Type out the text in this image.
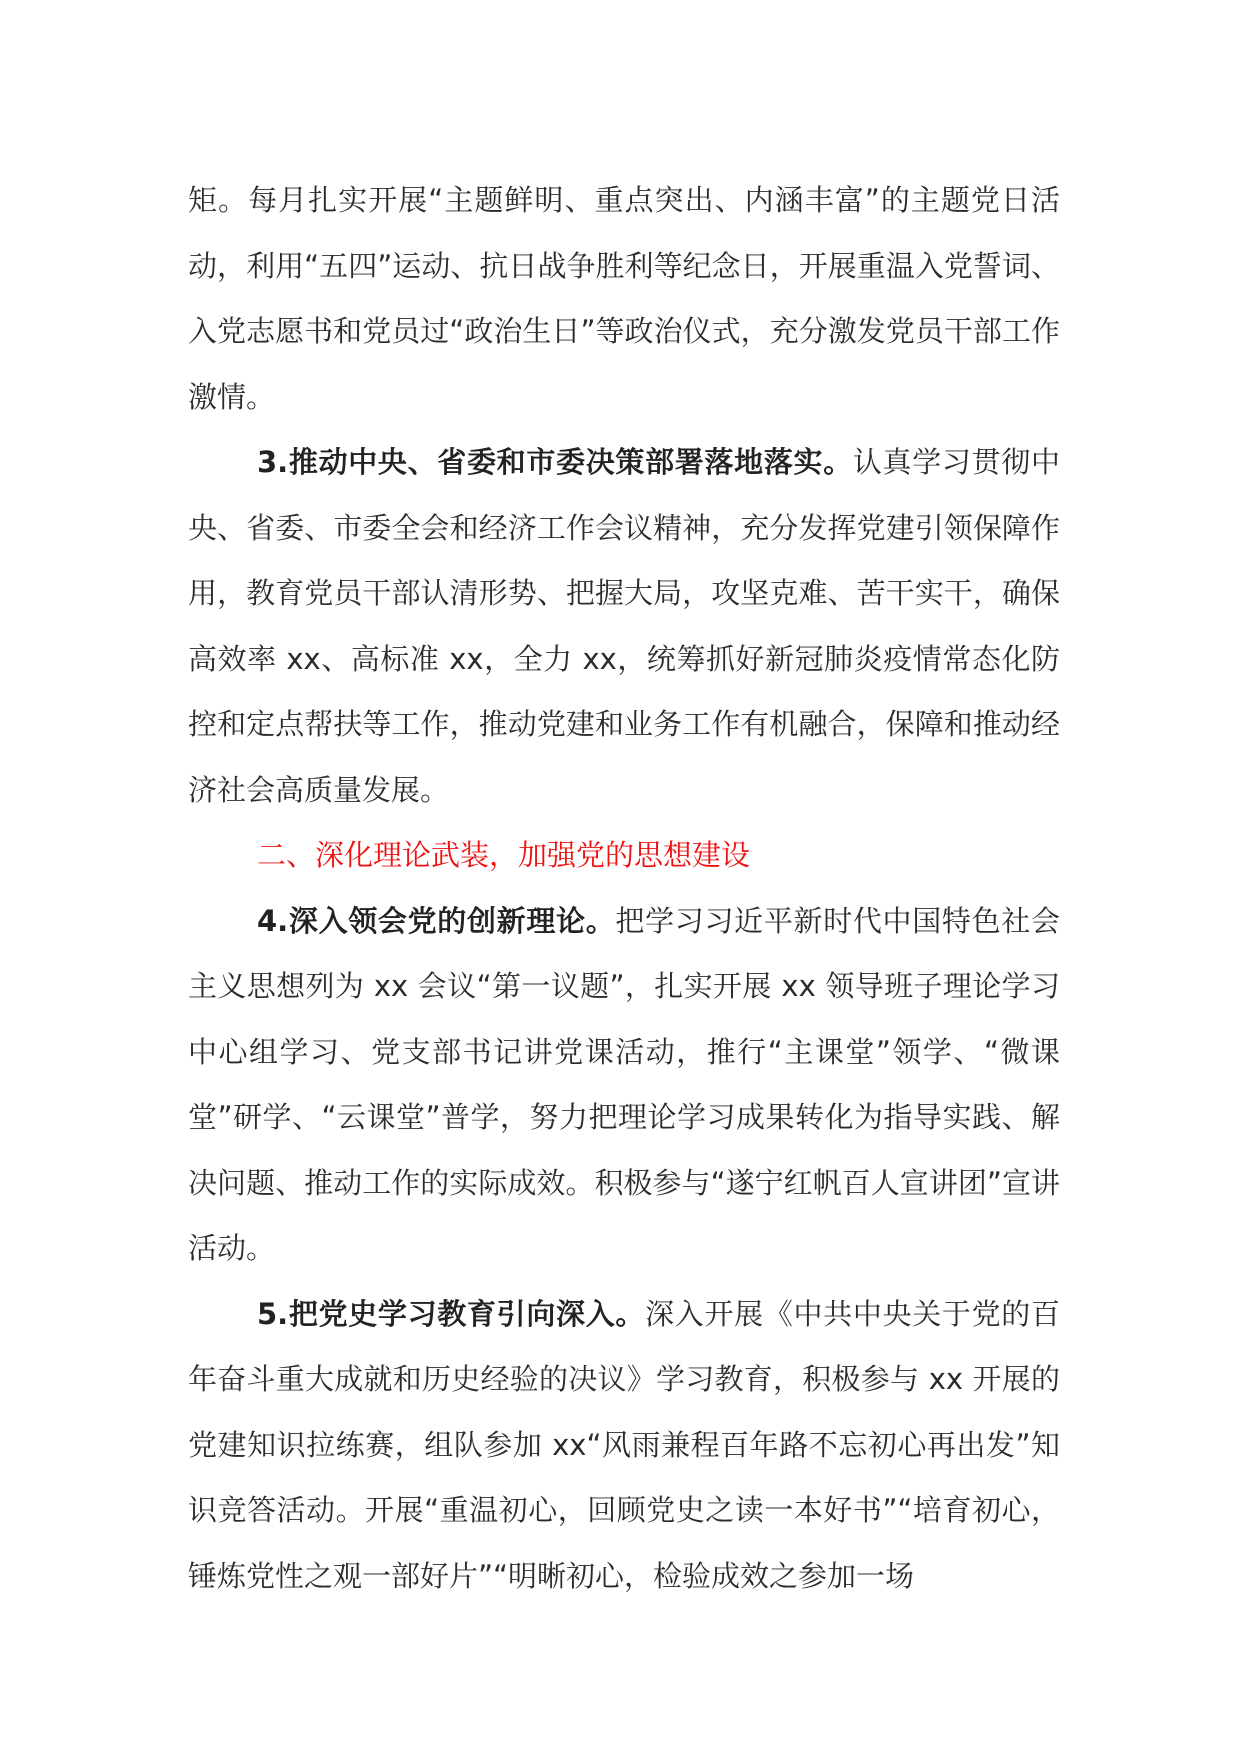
矩。每月扎实开展“主题鲜明、重点突出、内涵丰富”的主题党日活动，利用“五四”运动、抗日战争胜利等纪念日，开展重温入党誓词、入党志愿书和党员过“政治生日”等政治仪式，充分激发党员干部工作激情。

3.推动中央、省委和市委决策部署落地落实。认真学习贯彻中央、省委、市委全会和经济工作会议精神，充分发挥党建引领保障作用，教育党员干部认清形势、把握大局，攻坚克难、苦干实干，确保高效率 xx、高标准 xx，全力 xx，统筹抓好新冠肺炎疫情常态化防控和定点帮扶等工作，推动党建和业务工作有机融合，保障和推动经济社会高质量发展。

二、深化理论武装，加强党的思想建设

4.深入领会党的创新理论。把学习习近平新时代中国特色社会主义思想列为 xx 会议“第一议题”，扎实开展 xx 领导班子理论学习中心组学习、党支部书记讲党课活动，推行“主课堂”领学、“微课堂”研学、“云课堂”普学，努力把理论学习成果转化为指导实践、解决问题、推动工作的实际成效。积极参与“遂宁红帆百人宣讲团”宣讲活动。

5.把党史学习教育引向深入。深入开展《中共中央关于党的百年奋斗重大成就和历史经验的决议》学习教育，积极参与 xx 开展的党建知识拉练赛，组队参加 xx“风雨兼程百年路不忘初心再出发”知识竞答活动。开展“重温初心，回顾党史之读一本好书”“培育初心，锤炼党性之观一部好片”“明晰初心，检验成效之参加一场
